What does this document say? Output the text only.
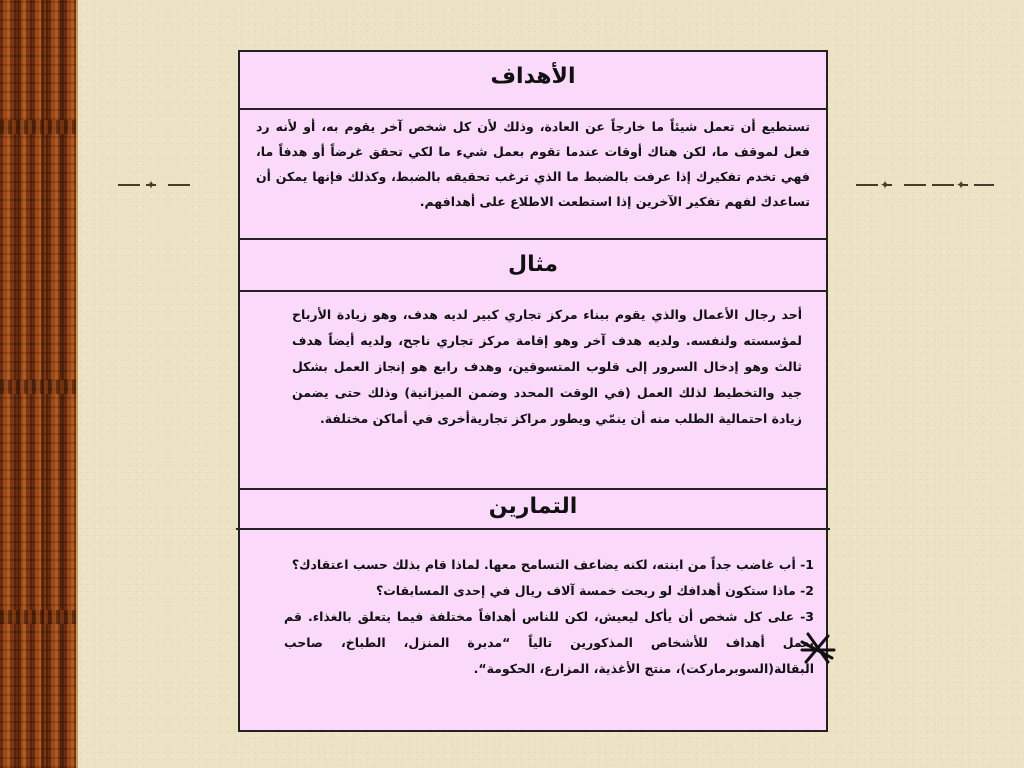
✦	✦	✦
الأهداف

تستطيع أن تعمل شيئاً ما خارجاً عن العادة، وذلك لأن كل شخص آخر يقوم به، أو لأنه رد فعل لموقف ما، لكن هناك أوقات عندما تقوم بعمل شيء ما لكي تحقق غرضاً أو هدفاً ما، فهي تخدم تفكيرك إذا عرفت بالضبط ما الذي ترغب تحقيقه بالضبط، وكذلك فإنها يمكن أن تساعدك لفهم تفكير الآخرين إذا استطعت الاطلاع على أهدافهم.

مثال

أحد رجال الأعمال والذي يقوم ببناء مركز تجاري كبير لديه هدف، وهو زيادة الأرباح لمؤسسته ولنفسه. ولديه هدف آخر وهو إقامة مركز تجاري ناجح، ولديه أيضاً هدف ثالث وهو إدخال السرور إلى قلوب المتسوقين، وهدف رابع هو إنجاز العمل بشكل جيد والتخطيط لذلك العمل (في الوقت المحدد وضمن الميزانية) وذلك حتى يضمن زيادة احتمالية الطلب منه أن ينمّي ويطور مراكز تجاريةأخرى في أماكن مختلفة.

التمارين

1- أب غاضب جداً من ابنته، لكنه يضاعف التسامح معها. لماذا قام بذلك حسب اعتقادك؟

2- ماذا ستكون أهدافك لو ربحت خمسة آلاف ريال في إحدى المسابقات؟

3- على كل شخص أن يأكل ليعيش، لكن للناس أهدافاً مختلفة فيما يتعلق بالغذاء. قم بعمل أهداف للأشخاص المذكورين تالياً “مدبرة المنزل، الطباخ، صاحب البقالة(السوبرماركت)، منتج الأغذية، المزارع، الحكومة“.
